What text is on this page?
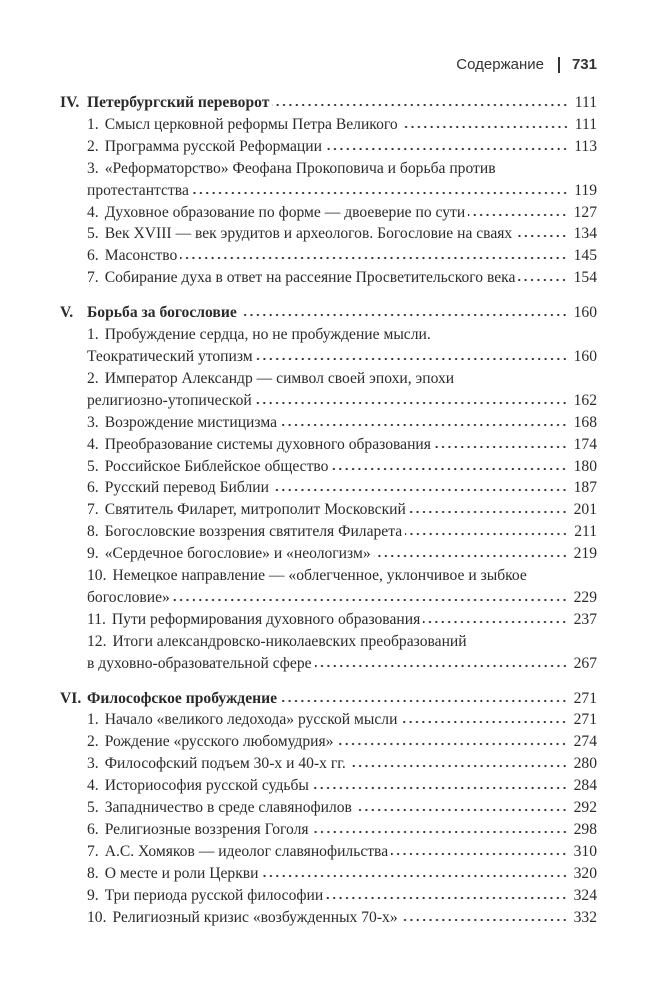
Содержание 731
IV. Петербургский переворот	111
1. Смысл церковной реформы Петра Великого	111
2. Программа русской Реформации	113
3. «Реформаторство» Феофана Прокоповича и борьба против
протестантства	119
4. Духовное образование по форме — двоеверие по сути	127
5. Век XVIII — век эрудитов и археологов. Богословие на сваях	134
6. Масонство	145
7. Собирание духа в ответ на рассеяние Просветительского века	154
V. Борьба за богословие	160
1. Пробуждение сердца, но не пробуждение мысли.
Теократический утопизм	160
2. Император Александр — символ своей эпохи, эпохи
религиозно-утопической	162
3. Возрождение мистицизма	168
4. Преобразование системы духовного образования	174
5. Российское Библейское общество	180
6. Русский перевод Библии	187
7. Святитель Филарет, митрополит Московский	201
8. Богословские воззрения святителя Филарета	211
9. «Сердечное богословие» и «неологизм»	219
10. Немецкое направление — «облегченное, уклончивое и зыбкое
богословие»	229
11. Пути реформирования духовного образования	237
12. Итоги александровско-николаевских преобразований
в духовно-образовательной сфере	267
VI. Философское пробуждение	271
1. Начало «великого ледохода» русской мысли	271
2. Рождение «русского любомудрия»	274
3. Философский подъем 30-х и 40-х гг.	280
4. Историософия русской судьбы	284
5. Западничество в среде славянофилов	292
6. Религиозные воззрения Гоголя	298
7. А.С. Хомяков — идеолог славянофильства	310
8. О месте и роли Церкви	320
9. Три периода русской философии	324
10. Религиозный кризис «возбужденных 70-х»	332
